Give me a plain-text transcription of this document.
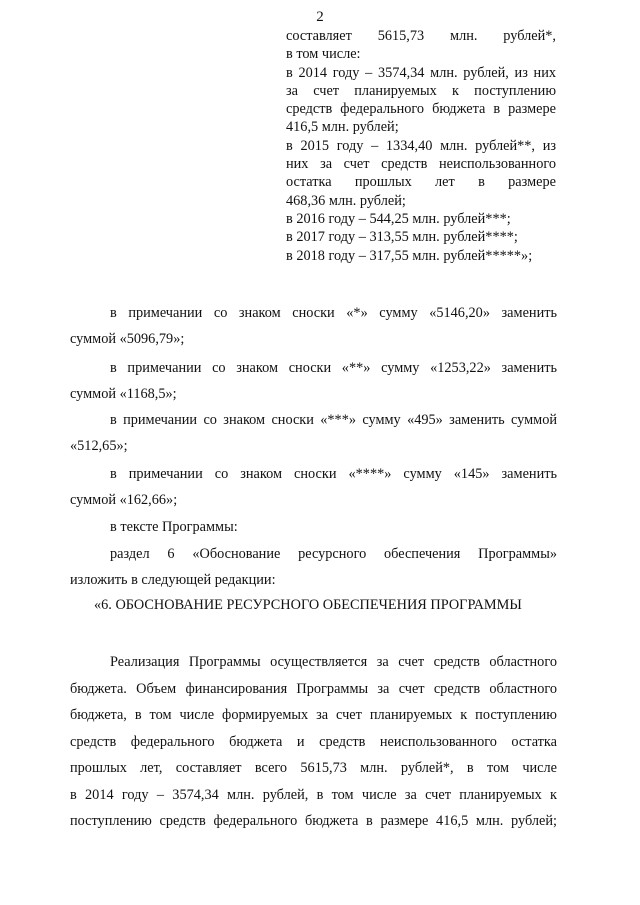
2

составляет 5615,73 млн. рублей*,
в том числе:
в 2014 году – 3574,34 млн. рублей, из них
за счет планируемых к поступлению
средств федерального бюджета в размере
416,5 млн. рублей;
в 2015 году – 1334,40 млн. рублей**, из
них за счет средств неиспользованного
остатка прошлых лет в размере
468,36 млн. рублей;
в 2016 году – 544,25 млн. рублей***;
в 2017 году – 313,55 млн. рублей****;
в 2018 году – 317,55 млн. рублей*****»;
в примечании со знаком сноски «*» сумму «5146,20» заменить
суммой «5096,79»;
в примечании со знаком сноски «**» сумму «1253,22» заменить
суммой «1168,5»;
в примечании со знаком сноски «***» сумму «495» заменить суммой
«512,65»;
в примечании со знаком сноски «****» сумму «145» заменить
суммой «162,66»;
в тексте Программы:
раздел 6 «Обоснование ресурсного обеспечения Программы»
изложить в следующей редакции:

«6. ОБОСНОВАНИЕ РЕСУРСНОГО ОБЕСПЕЧЕНИЯ ПРОГРАММЫ

Реализация Программы осуществляется за счет средств областного
бюджета. Объем финансирования Программы за счет средств областного
бюджета, в том числе формируемых за счет планируемых к поступлению
средств федерального бюджета и средств неиспользованного остатка
прошлых лет, составляет всего 5615,73 млн. рублей*, в том числе
в 2014 году – 3574,34 млн. рублей, в том числе за счет планируемых к
поступлению средств федерального бюджета в размере 416,5 млн. рублей;
